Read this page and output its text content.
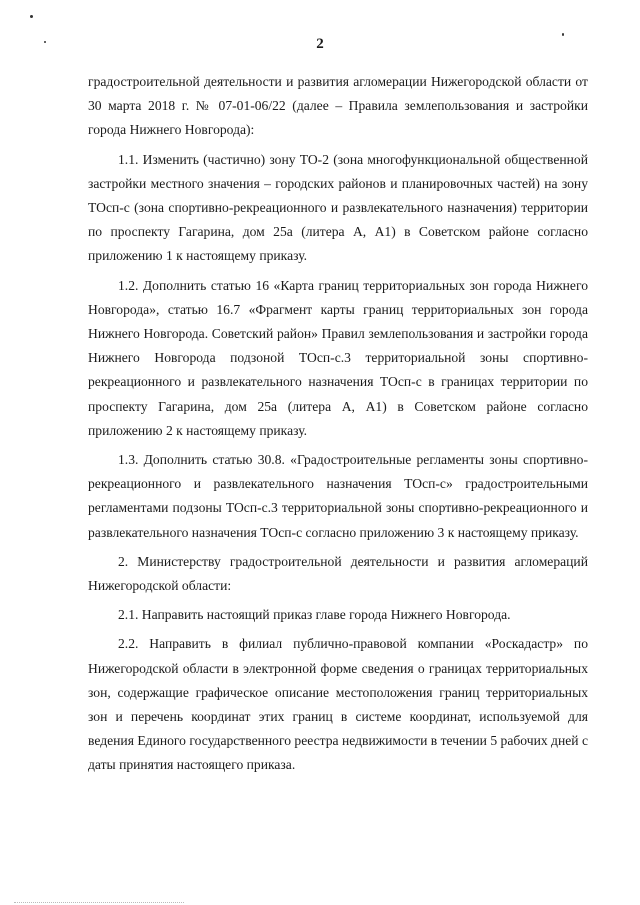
2

градостроительной деятельности и развития агломерации Нижегородской области от 30 марта 2018 г. № 07-01-06/22 (далее – Правила землепользования и застройки города Нижнего Новгорода):

1.1. Изменить (частично) зону ТО-2 (зона многофункциональной общественной застройки местного значения – городских районов и планировочных частей) на зону ТОсп-с (зона спортивно-рекреационного и развлекательного назначения) территории по проспекту Гагарина, дом 25а (литера А, А1) в Советском районе согласно приложению 1 к настоящему приказу.

1.2. Дополнить статью 16 «Карта границ территориальных зон города Нижнего Новгорода», статью 16.7 «Фрагмент карты границ территориальных зон города Нижнего Новгорода. Советский район» Правил землепользования и застройки города Нижнего Новгорода подзоной ТОсп-с.3 территориальной зоны спортивно-рекреационного и развлекательного назначения ТОсп-с в границах территории по проспекту Гагарина, дом 25а (литера А, А1) в Советском районе согласно приложению 2 к настоящему приказу.

1.3. Дополнить статью 30.8. «Градостроительные регламенты зоны спортивно-рекреационного и развлекательного назначения ТОсп-с» градостроительными регламентами подзоны ТОсп-с.3 территориальной зоны спортивно-рекреационного и развлекательного назначения ТОсп-с согласно приложению 3 к настоящему приказу.

2. Министерству градостроительной деятельности и развития агломераций Нижегородской области:

2.1. Направить настоящий приказ главе города Нижнего Новгорода.

2.2. Направить в филиал публично-правовой компании «Роскадастр» по Нижегородской области в электронной форме сведения о границах территориальных зон, содержащие графическое описание местоположения границ территориальных зон и перечень координат этих границ в системе координат, используемой для ведения Единого государственного реестра недвижимости в течении 5 рабочих дней с даты принятия настоящего приказа.
